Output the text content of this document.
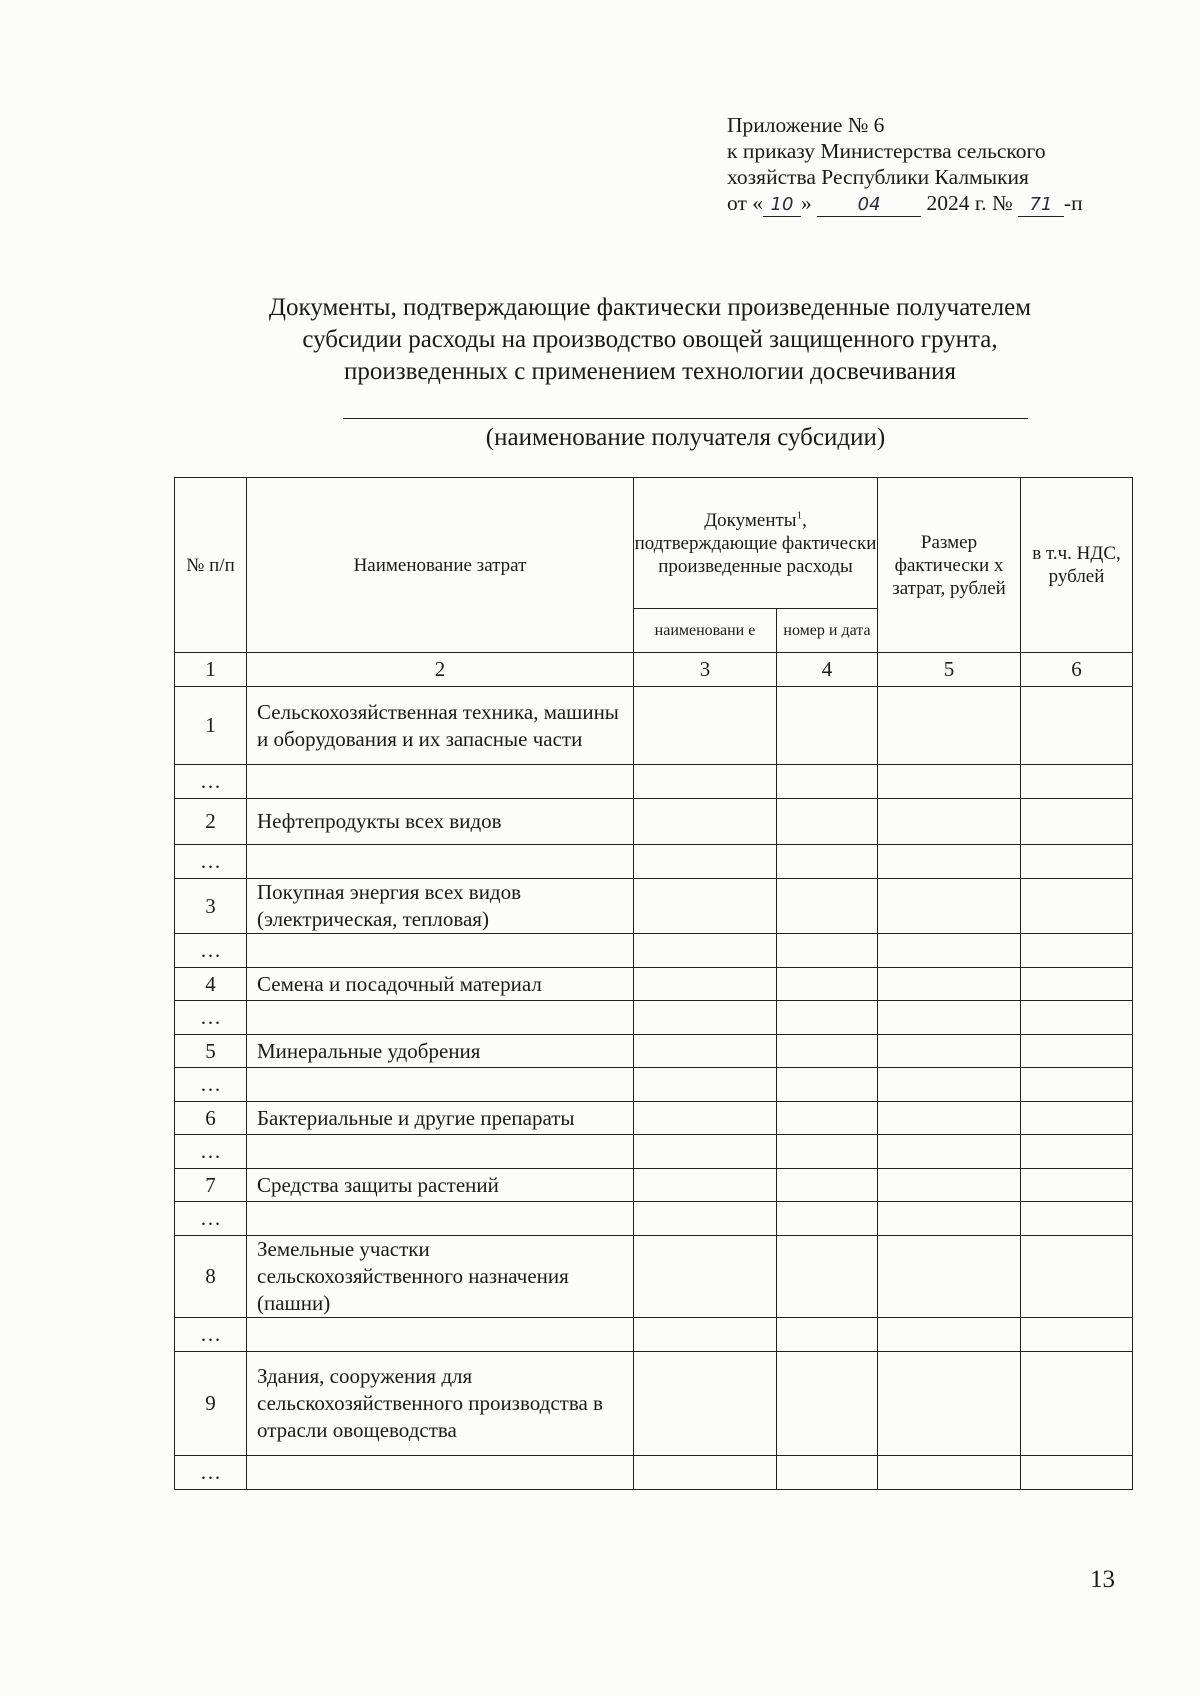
Приложение № 6
к приказу Министерства сельского
хозяйства Республики Калмыкия
от « 10 »	04 2024 г. № 71 -п
Документы, подтверждающие фактически произведенные получателем
субсидии расходы на производство овощей защищенного грунта,
произведенных с применением технологии досвечивания
(наименование получателя субсидии)
№ п/п	Наименование затрат	Документы$^1$, подтверждающие фактически произведенные расходы		Размер фактически х затрат, рублей	в т.ч. НДС, рублей
		наименовани е	номер и дата		
1	2	3	4	5	6
1	Сельскохозяйственная техника, машины и оборудования и их запасные части				
…					
2	Нефтепродукты всех видов				
…					
3	Покупная энергия всех видов (электрическая, тепловая)				
…					
4	Семена и посадочный материал				
…					
5	Минеральные удобрения				
…					
6	Бактериальные и другие препараты				
…					
7	Средства защиты растений				
…					
8	Земельные участки сельскохозяйственного назначения (пашни)				
…					
9	Здания, сооружения для сельскохозяйственного производства в отрасли овощеводства				
…					
13
